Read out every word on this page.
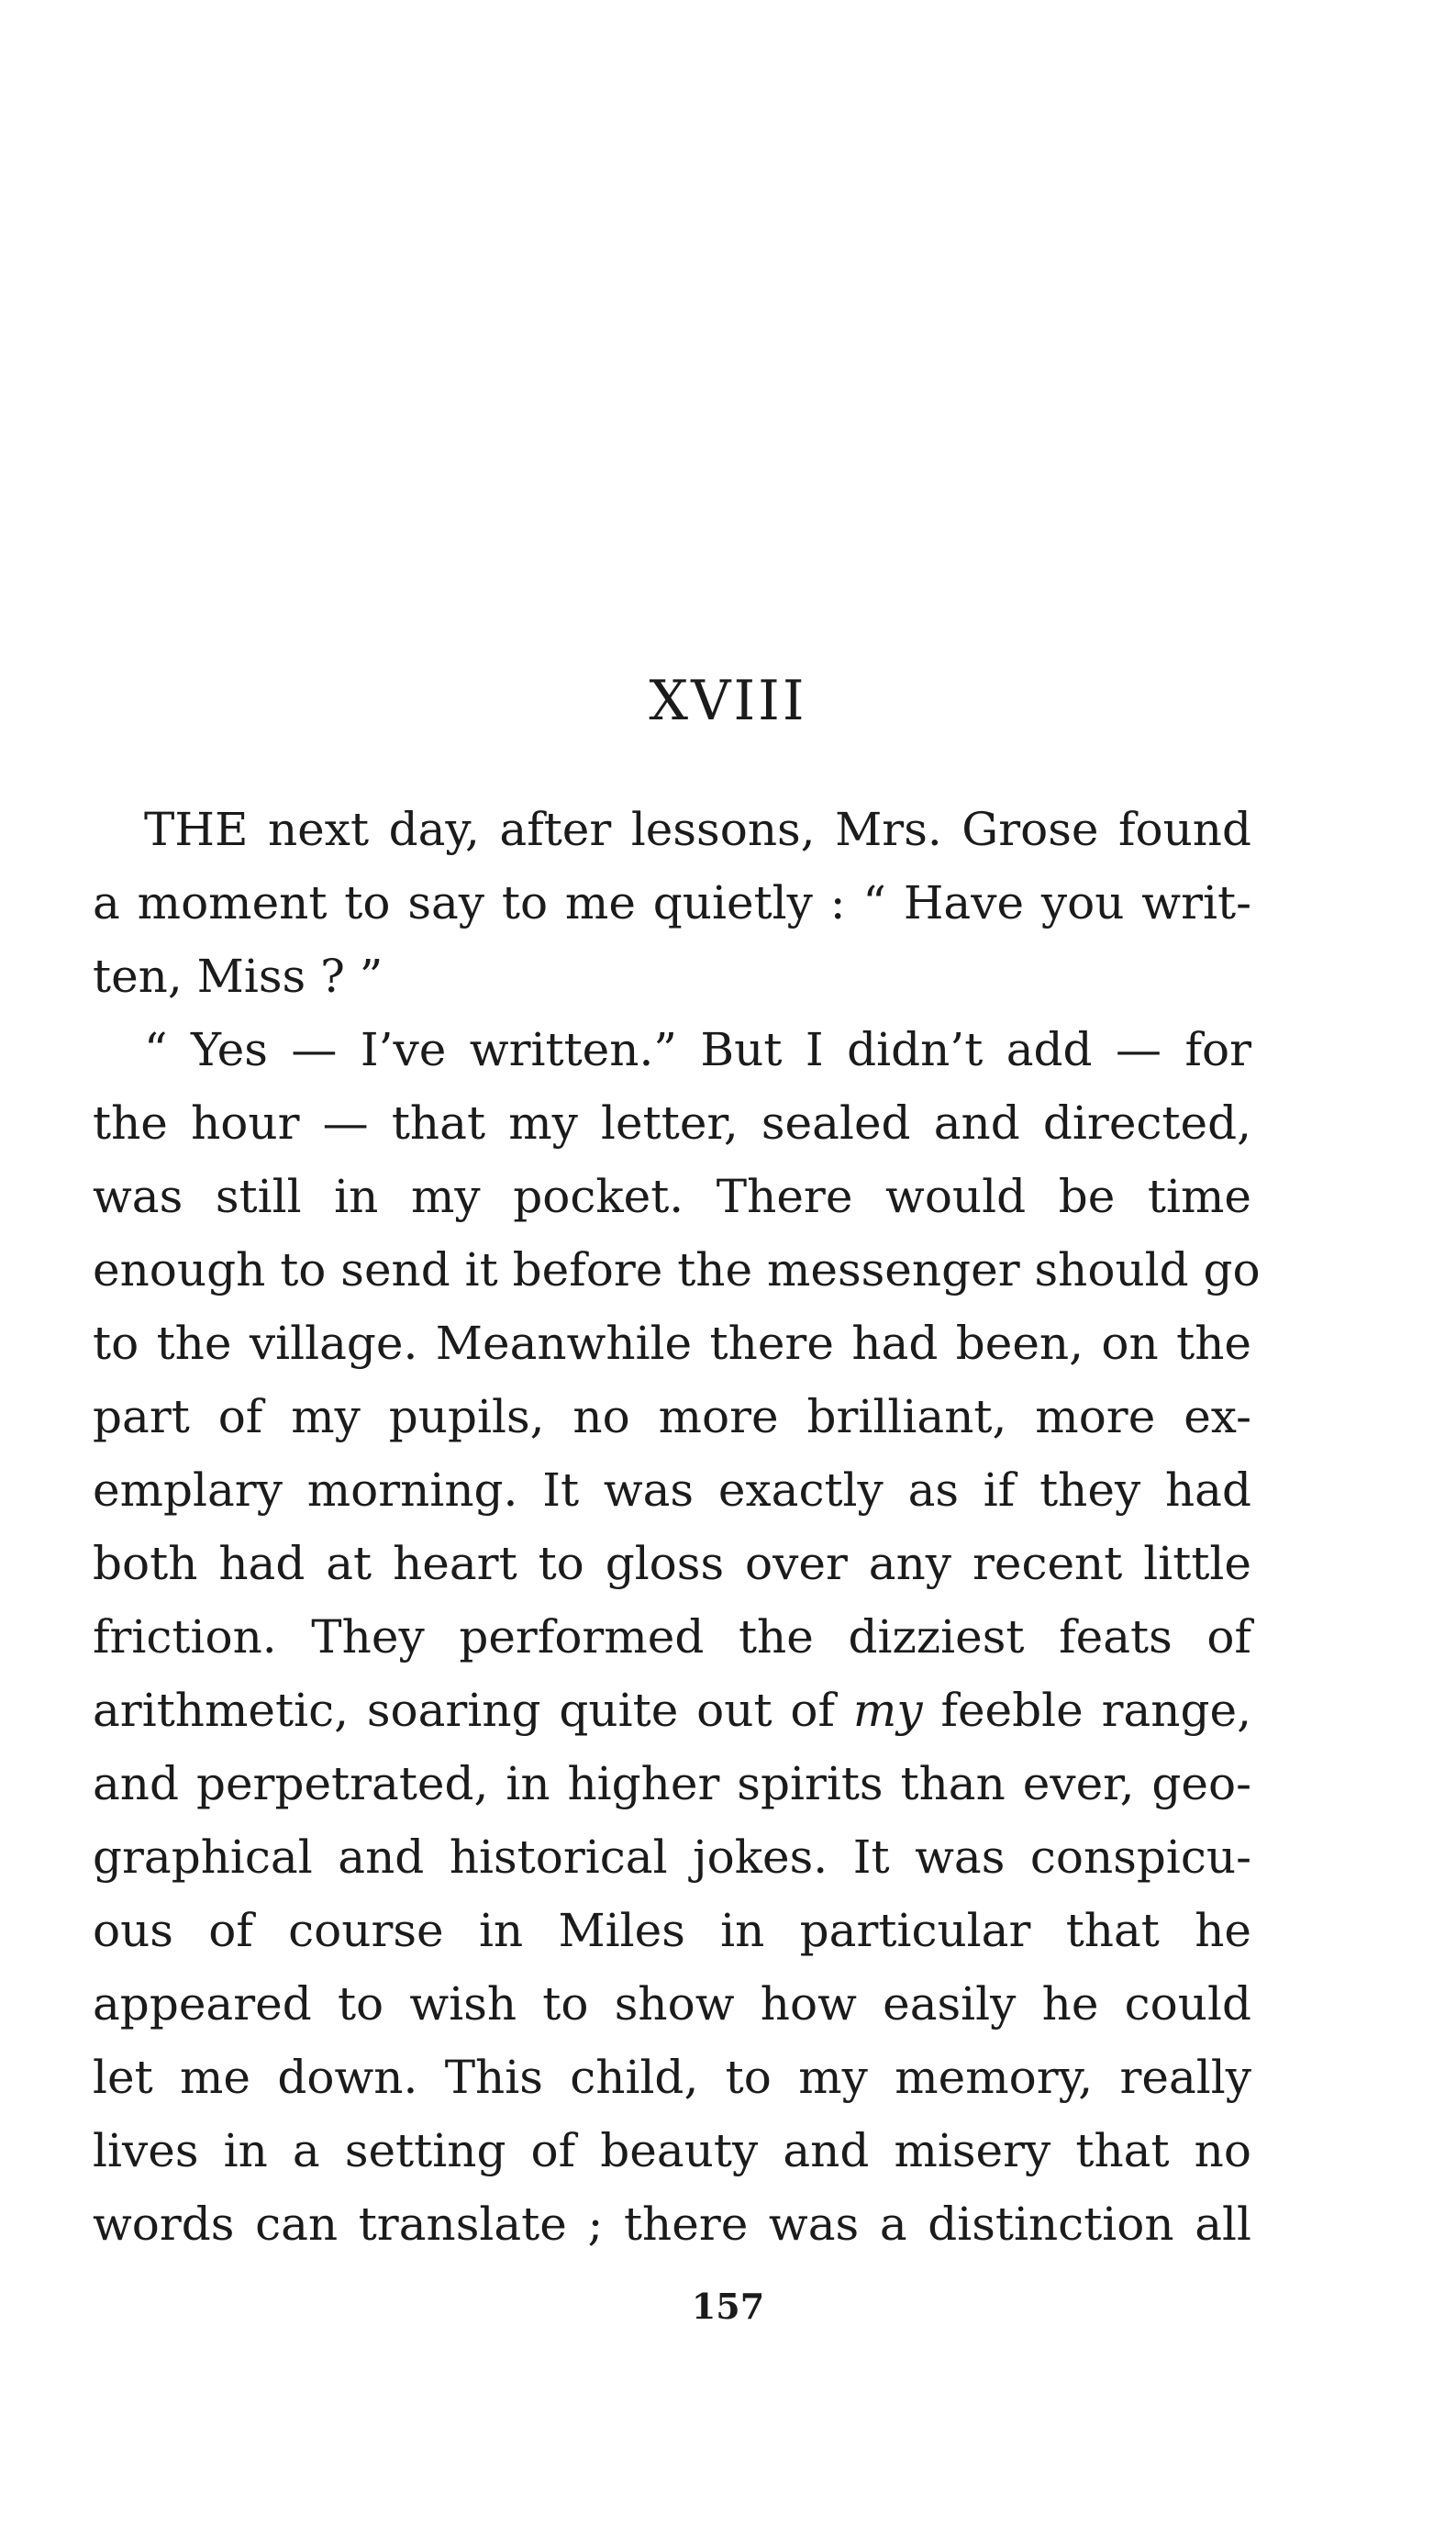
XVIII
THE next day, after lessons, Mrs. Grose found
a moment to say to me quietly : “ Have you writ-
ten, Miss ? ”
“ Yes — I’ve written.” But I didn’t add — for
the hour — that my letter, sealed and directed,
was still in my pocket. There would be time
enough to send it before the messenger should go
to the village. Meanwhile there had been, on the
part of my pupils, no more brilliant, more ex-
emplary morning. It was exactly as if they had
both had at heart to gloss over any recent little
friction. They performed the dizziest feats of
arithmetic, soaring quite out of my feeble range,
and perpetrated, in higher spirits than ever, geo-
graphical and historical jokes. It was conspicu-
ous of course in Miles in particular that he
appeared to wish to show how easily he could
let me down. This child, to my memory, really
lives in a setting of beauty and misery that no
words can translate ; there was a distinction all
157
